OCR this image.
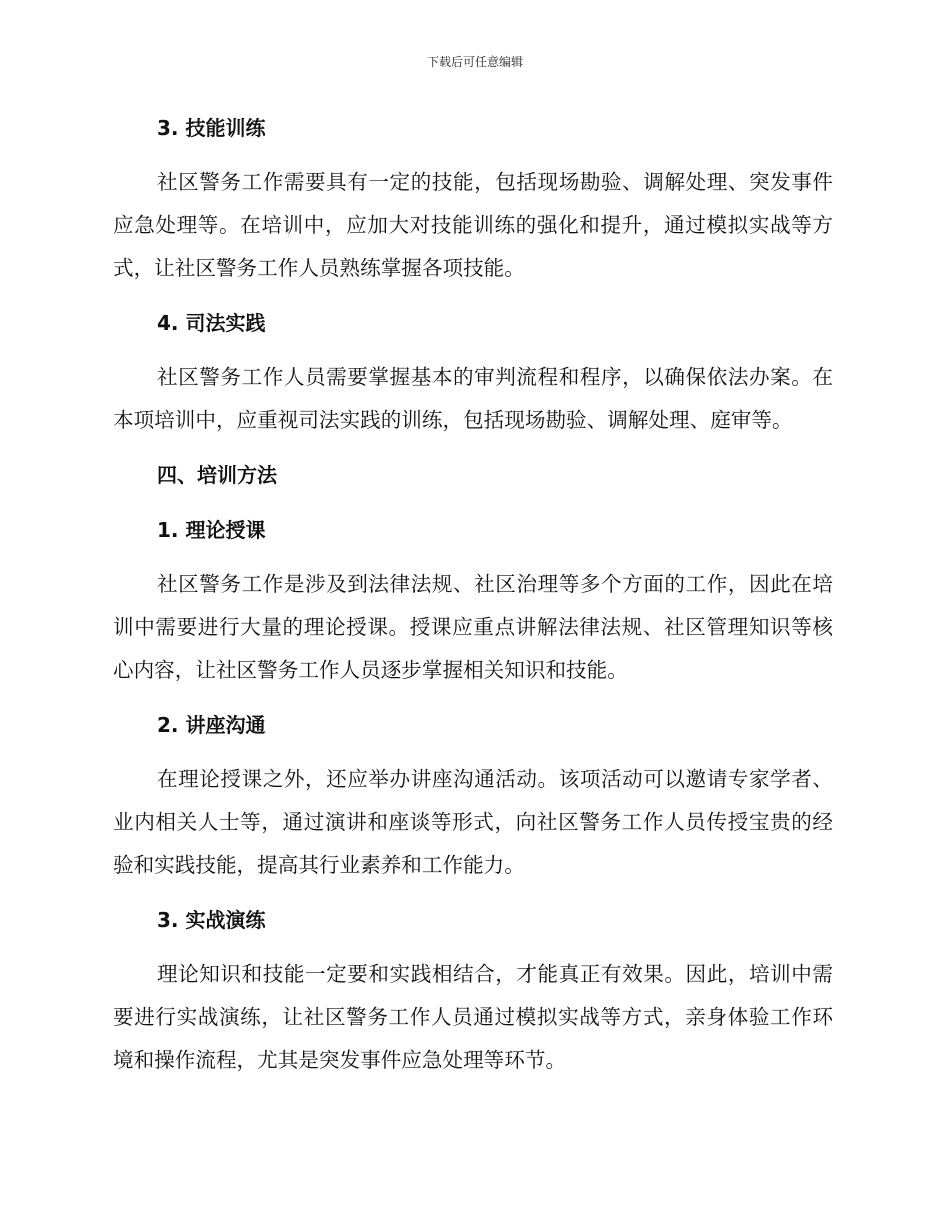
下载后可任意编辑
3. 技能训练

社区警务工作需要具有一定的技能，包括现场勘验、调解处理、突发事件应急处理等。在培训中，应加大对技能训练的强化和提升，通过模拟实战等方式，让社区警务工作人员熟练掌握各项技能。

4. 司法实践

社区警务工作人员需要掌握基本的审判流程和程序，以确保依法办案。在本项培训中，应重视司法实践的训练，包括现场勘验、调解处理、庭审等。

四、培训方法
1. 理论授课

社区警务工作是涉及到法律法规、社区治理等多个方面的工作，因此在培训中需要进行大量的理论授课。授课应重点讲解法律法规、社区管理知识等核心内容，让社区警务工作人员逐步掌握相关知识和技能。

2. 讲座沟通

在理论授课之外，还应举办讲座沟通活动。该项活动可以邀请专家学者、业内相关人士等，通过演讲和座谈等形式，向社区警务工作人员传授宝贵的经验和实践技能，提高其行业素养和工作能力。

3. 实战演练

理论知识和技能一定要和实践相结合，才能真正有效果。因此，培训中需要进行实战演练，让社区警务工作人员通过模拟实战等方式，亲身体验工作环境和操作流程，尤其是突发事件应急处理等环节。
